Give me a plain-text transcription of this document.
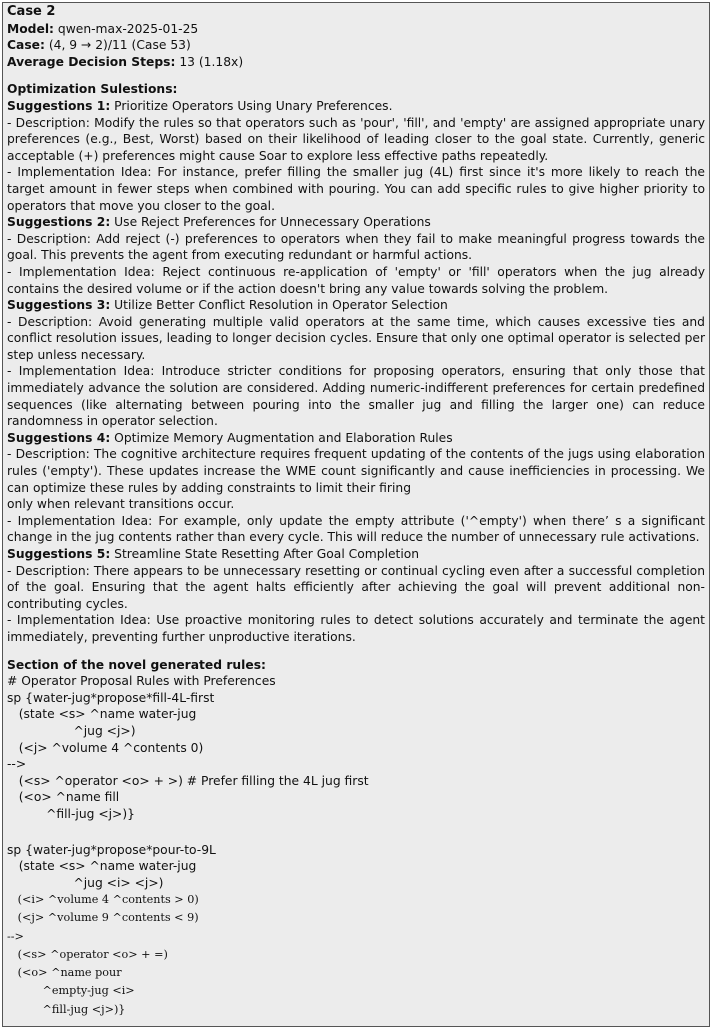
Case 2

Model: qwen-max-2025-01-25

Case: (4, 9 → 2)/11 (Case 53)

Average Decision Steps: 13 (1.18x)

Optimization Sulestions:

Suggestions 1: Prioritize Operators Using Unary Preferences.

- Description: Modify the rules so that operators such as 'pour', 'fill', and 'empty' are assigned appropriate unary preferences (e.g., Best, Worst) based on their likelihood of leading closer to the goal state. Currently, generic acceptable (+) preferences might cause Soar to explore less effective paths repeatedly.

- Implementation Idea: For instance, prefer filling the smaller jug (4L) first since it's more likely to reach the target amount in fewer steps when combined with pouring. You can add specific rules to give higher priority to operators that move you closer to the goal.

Suggestions 2: Use Reject Preferences for Unnecessary Operations

- Description: Add reject (-) preferences to operators when they fail to make meaningful progress towards the goal. This prevents the agent from executing redundant or harmful actions.

- Implementation Idea: Reject continuous re-application of 'empty' or 'fill' operators when the jug already contains the desired volume or if the action doesn't bring any value towards solving the problem.

Suggestions 3: Utilize Better Conflict Resolution in Operator Selection

- Description: Avoid generating multiple valid operators at the same time, which causes excessive ties and conflict resolution issues, leading to longer decision cycles. Ensure that only one optimal operator is selected per step unless necessary.

- Implementation Idea: Introduce stricter conditions for proposing operators, ensuring that only those that immediately advance the solution are considered. Adding numeric-indifferent preferences for certain predefined sequences (like alternating between pouring into the smaller jug and filling the larger one) can reduce randomness in operator selection.

Suggestions 4: Optimize Memory Augmentation and Elaboration Rules

- Description: The cognitive architecture requires frequent updating of the contents of the jugs using elaboration rules ('empty'). These updates increase the WME count significantly and cause inefficiencies in processing. We can optimize these rules by adding constraints to limit their firing

only when relevant transitions occur.

- Implementation Idea: For example, only update the empty attribute ('^empty') when there’ s a significant change in the jug contents rather than every cycle. This will reduce the number of unnecessary rule activations.

Suggestions 5: Streamline State Resetting After Goal Completion

- Description: There appears to be unnecessary resetting or continual cycling even after a successful completion of the goal. Ensuring that the agent halts efficiently after achieving the goal will prevent additional non-contributing cycles.

- Implementation Idea: Use proactive monitoring rules to detect solutions accurately and terminate the agent immediately, preventing further unproductive iterations.

Section of the novel generated rules:

# Operator Proposal Rules with Preferences

sp {water-jug*propose*fill-4L-first

(state <s> ^name water-jug

^jug <j>)

(<j> ^volume 4 ^contents 0)

-->

(<s> ^operator <o> + >) # Prefer filling the 4L jug first

(<o> ^name fill

^fill-jug <j>)}

sp {water-jug*propose*pour-to-9L

(state <s> ^name water-jug

^jug <i> <j>)

(<i> ^volume 4 ^contents > 0)

(<j> ^volume 9 ^contents < 9)

-->

(<s> ^operator <o> + =)

(<o> ^name pour

^empty-jug <i>

^fill-jug <j>)}
